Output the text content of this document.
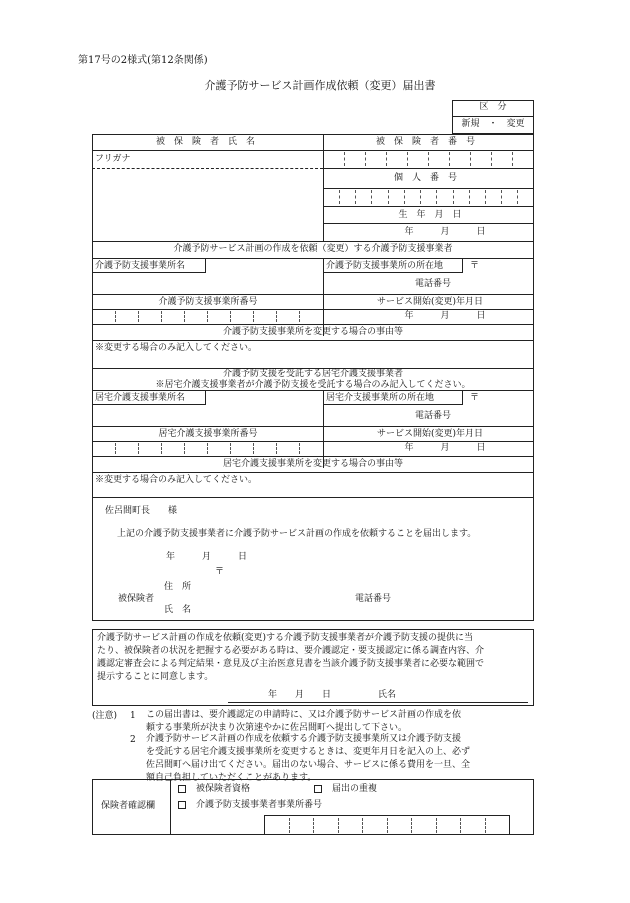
第17号の2様式(第12条関係)
介護予防サービス計画作成依頼（変更）届出書
区　分
新規　・　変更
被保険者氏名	被保険者番号
フリガナ
個人番号
生　年　月　日
年　　　月　　　日
介護予防サービス計画の作成を依頼（変更）する介護予防支援事業者
介護予防支援事業所名	介護予防支援事業所の所在地	〒
電話番号
介護予防支援事業所番号	サービス開始(変更)年月日
年　　　月　　　日
介護予防支援事業所を変更する場合の事由等
※変更する場合のみ記入してください。
介護予防支援を受託する居宅介護支援事業者
※居宅介護支援事業者が介護予防支援を受託する場合のみ記入してください。
居宅介護支援事業所名	居宅介支援事業所の所在地	〒
電話番号
居宅介護支援事業所番号	サービス開始(変更)年月日
年　　　月　　　日
居宅介護支援事業所を変更する場合の事由等
※変更する場合のみ記入してください。
佐呂間町長　　様
上記の介護予防支援事業者に介護予防サービス計画の作成を依頼することを届出します。
年　　　月　　　日
〒
住　所
被保険者	電話番号
氏　名
介護予防サービス計画の作成を依頼(変更)する介護予防支援事業者が介護予防支援の提供に当
たり、被保険者の状況を把握する必要がある時は、要介護認定・要支援認定に係る調査内容、介
護認定審査会による判定結果・意見及び主治医意見書を当該介護予防支援事業者に必要な範囲で
提示することに同意します。
年　　月　　日	氏名
(注意) 1 この届出書は、要介護認定の申請時に、又は介護予防サービス計画の作成を依
頼する事業所が決まり次第速やかに佐呂間町へ提出して下さい。
2 介護予防サービス計画の作成を依頼する介護予防支援事業所又は介護予防支援
を受託する居宅介護支援事業所を変更するときは、変更年月日を記入の上、必ず
佐呂間町へ届け出てください。届出のない場合、サービスに係る費用を一旦、全
額自己負担していただくことがあります。
保険者確認欄
被保険者資格	届出の重複
介護予防支援事業者事業所番号
